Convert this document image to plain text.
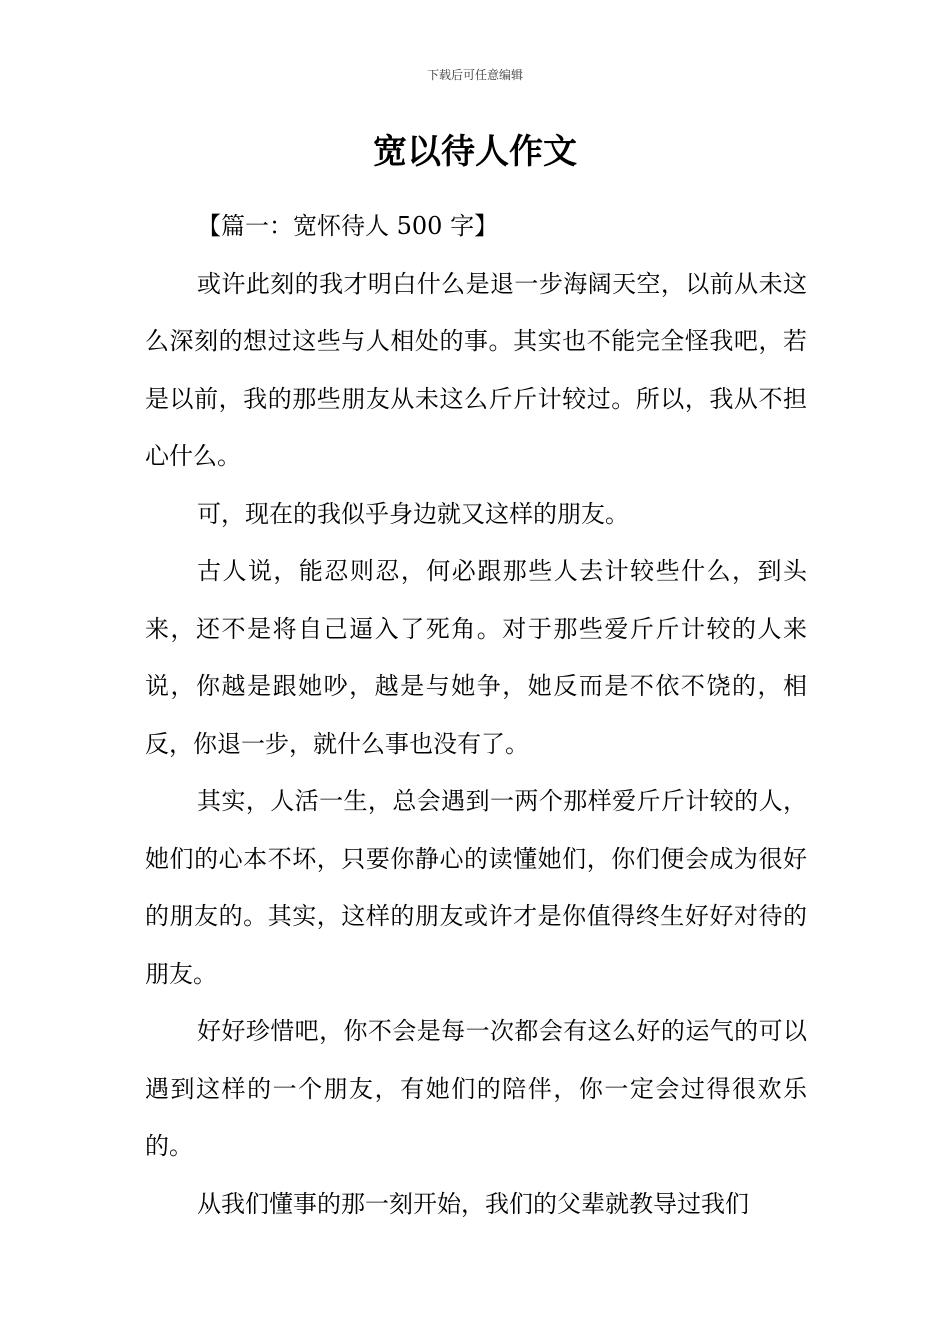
下载后可任意编辑
宽以待人作文

【篇一：宽怀待人 500 字】

或许此刻的我才明白什么是退一步海阔天空，以前从未这么深刻的想过这些与人相处的事。其实也不能完全怪我吧，若是以前，我的那些朋友从未这么斤斤计较过。所以，我从不担心什么。

可，现在的我似乎身边就又这样的朋友。

古人说，能忍则忍，何必跟那些人去计较些什么，到头来，还不是将自己逼入了死角。对于那些爱斤斤计较的人来说，你越是跟她吵，越是与她争，她反而是不依不饶的，相反，你退一步，就什么事也没有了。

其实，人活一生，总会遇到一两个那样爱斤斤计较的人，她们的心本不坏，只要你静心的读懂她们，你们便会成为很好的朋友的。其实，这样的朋友或许才是你值得终生好好对待的朋友。

好好珍惜吧，你不会是每一次都会有这么好的运气的可以遇到这样的一个朋友，有她们的陪伴，你一定会过得很欢乐的。

从我们懂事的那一刻开始，我们的父辈就教导过我们
